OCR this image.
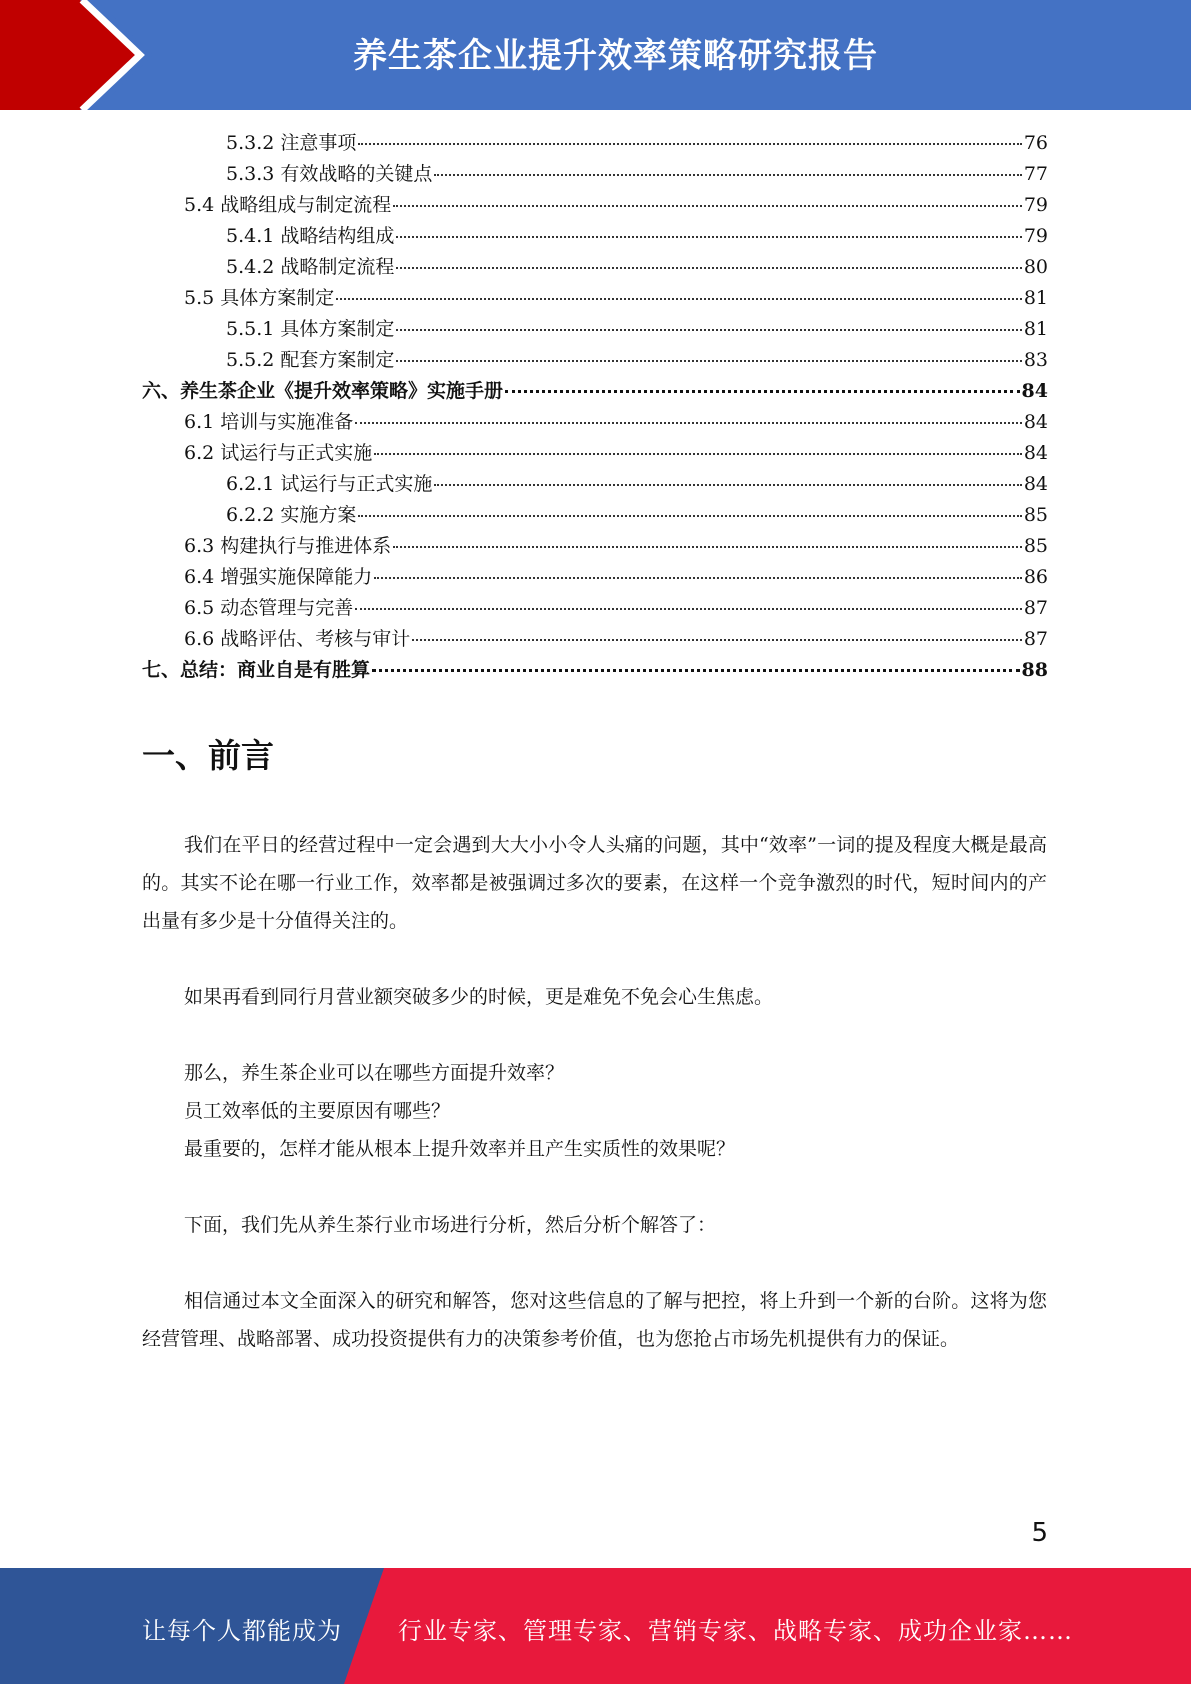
养生茶企业提升效率策略研究报告
5.3.2 注意事项	76
5.3.3 有效战略的关键点	77
5.4 战略组成与制定流程	79
5.4.1 战略结构组成	79
5.4.2 战略制定流程	80
5.5 具体方案制定	81
5.5.1 具体方案制定	81
5.5.2 配套方案制定	83
六、养生茶企业《提升效率策略》实施手册	84
6.1 培训与实施准备	84
6.2 试运行与正式实施	84
6.2.1 试运行与正式实施	84
6.2.2 实施方案	85
6.3 构建执行与推进体系	85
6.4 增强实施保障能力	86
6.5 动态管理与完善	87
6.6 战略评估、考核与审计	87
七、总结：商业自是有胜算	88
一、前言

我们在平日的经营过程中一定会遇到大大小小令人头痛的问题，其中“效率”一词的提及程度大概是最高的。其实不论在哪一行业工作，效率都是被强调过多次的要素，在这样一个竞争激烈的时代，短时间内的产出量有多少是十分值得关注的。

如果再看到同行月营业额突破多少的时候，更是难免不免会心生焦虑。

那么，养生茶企业可以在哪些方面提升效率？

员工效率低的主要原因有哪些？

最重要的，怎样才能从根本上提升效率并且产生实质性的效果呢？

下面，我们先从养生茶行业市场进行分析，然后分析个解答了：

相信通过本文全面深入的研究和解答，您对这些信息的了解与把控，将上升到一个新的台阶。这将为您经营管理、战略部署、成功投资提供有力的决策参考价值，也为您抢占市场先机提供有力的保证。

5
让每个人都能成为 行业专家、管理专家、营销专家、战略专家、成功企业家……
